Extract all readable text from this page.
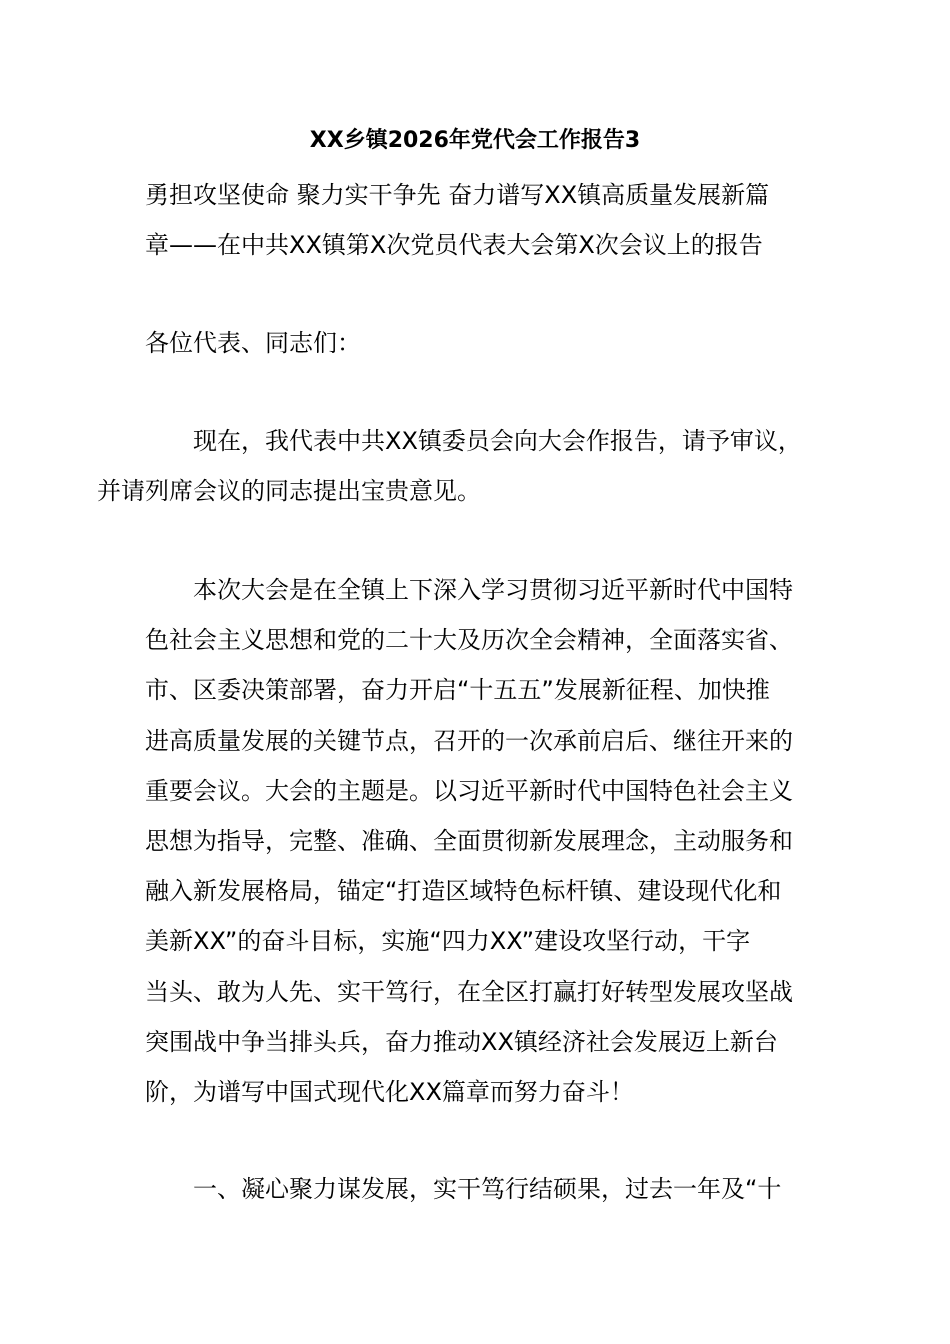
XX乡镇2026年党代会工作报告3
勇担攻坚使命 聚力实干争先 奋力谱写XX镇高质量发展新篇
章——在中共XX镇第X次党员代表大会第X次会议上的报告

各位代表、同志们：

现在，我代表中共XX镇委员会向大会作报告，请予审议，
并请列席会议的同志提出宝贵意见。
本次大会是在全镇上下深入学习贯彻习近平新时代中国特
色社会主义思想和党的二十大及历次全会精神，全面落实省、
市、区委决策部署，奋力开启“十五五”发展新征程、加快推
进高质量发展的关键节点，召开的一次承前启后、继往开来的
重要会议。大会的主题是。以习近平新时代中国特色社会主义
思想为指导，完整、准确、全面贯彻新发展理念，主动服务和
融入新发展格局，锚定“打造区域特色标杆镇、建设现代化和
美新XX”的奋斗目标，实施“四力XX”建设攻坚行动，干字
当头、敢为人先、实干笃行，在全区打赢打好转型发展攻坚战
突围战中争当排头兵，奋力推动XX镇经济社会发展迈上新台
阶，为谱写中国式现代化XX篇章而努力奋斗！
一、凝心聚力谋发展，实干笃行结硕果，过去一年及“十
